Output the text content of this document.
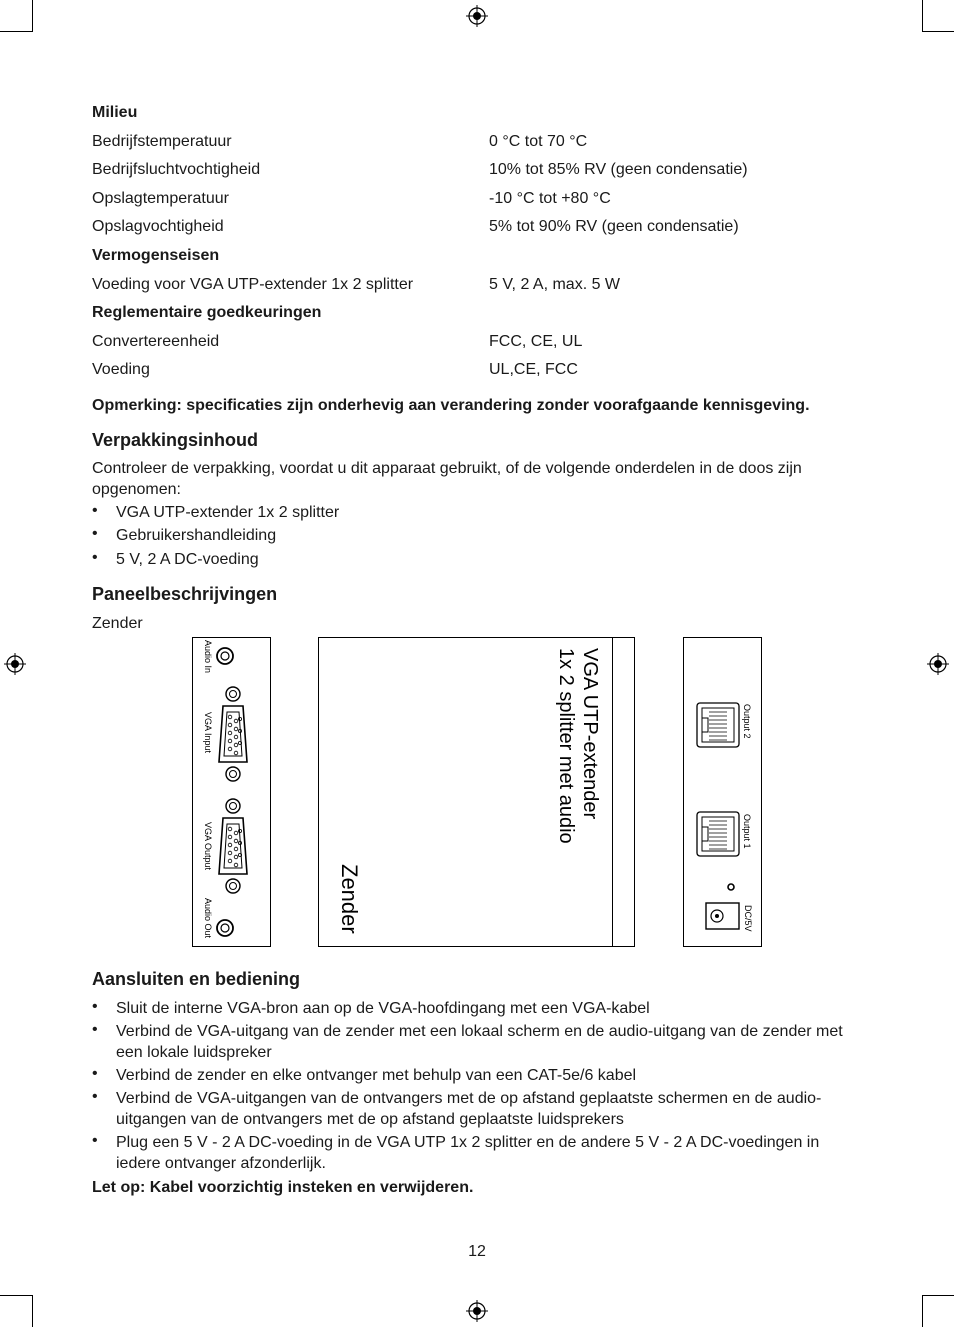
Milieu
Bedrijfstemperatuur	0 °C tot 70 °C
Bedrijfsluchtvochtigheid	10% tot 85% RV (geen condensatie)
Opslagtemperatuur	-10 °C tot +80 °C
Opslagvochtigheid	5% tot 90% RV (geen condensatie)
Vermogenseisen
Voeding voor VGA UTP-extender 1x 2 splitter	5 V, 2 A, max. 5 W
Reglementaire goedkeuringen
Convertereenheid	FCC, CE, UL
Voeding	UL,CE, FCC
Opmerking: specificaties zijn onderhevig aan verandering zonder voorafgaande kennisgeving.
Verpakkingsinhoud
Controleer de verpakking, voordat u dit apparaat gebruikt, of de volgende onderdelen in de doos zijn opgenomen:
• VGA UTP-extender 1x 2 splitter
• Gebruikershandleiding
• 5 V, 2 A DC-voeding
Paneelbeschrijvingen
Zender
Audio In
VGA Input
VGA Output
Audio Out
VGA UTP-extender
1x 2 splitter met audio
Zender
Output 2
Output 1
DC/5V
Aansluiten en bediening
• Sluit de interne VGA-bron aan op de VGA-hoofdingang met een VGA-kabel
• Verbind de VGA-uitgang van de zender met een lokaal scherm en de audio-uitgang van de zender met een lokale luidspreker
• Verbind de zender en elke ontvanger met behulp van een CAT-5e/6 kabel
• Verbind de VGA-uitgangen van de ontvangers met de op afstand geplaatste schermen en de audio-uitgangen van de ontvangers met de op afstand geplaatste luidsprekers
• Plug een 5 V - 2 A DC-voeding in de VGA UTP 1x 2 splitter en de andere 5 V - 2 A DC-voedingen in iedere ontvanger afzonderlijk.
Let op: Kabel voorzichtig insteken en verwijderen.
12
